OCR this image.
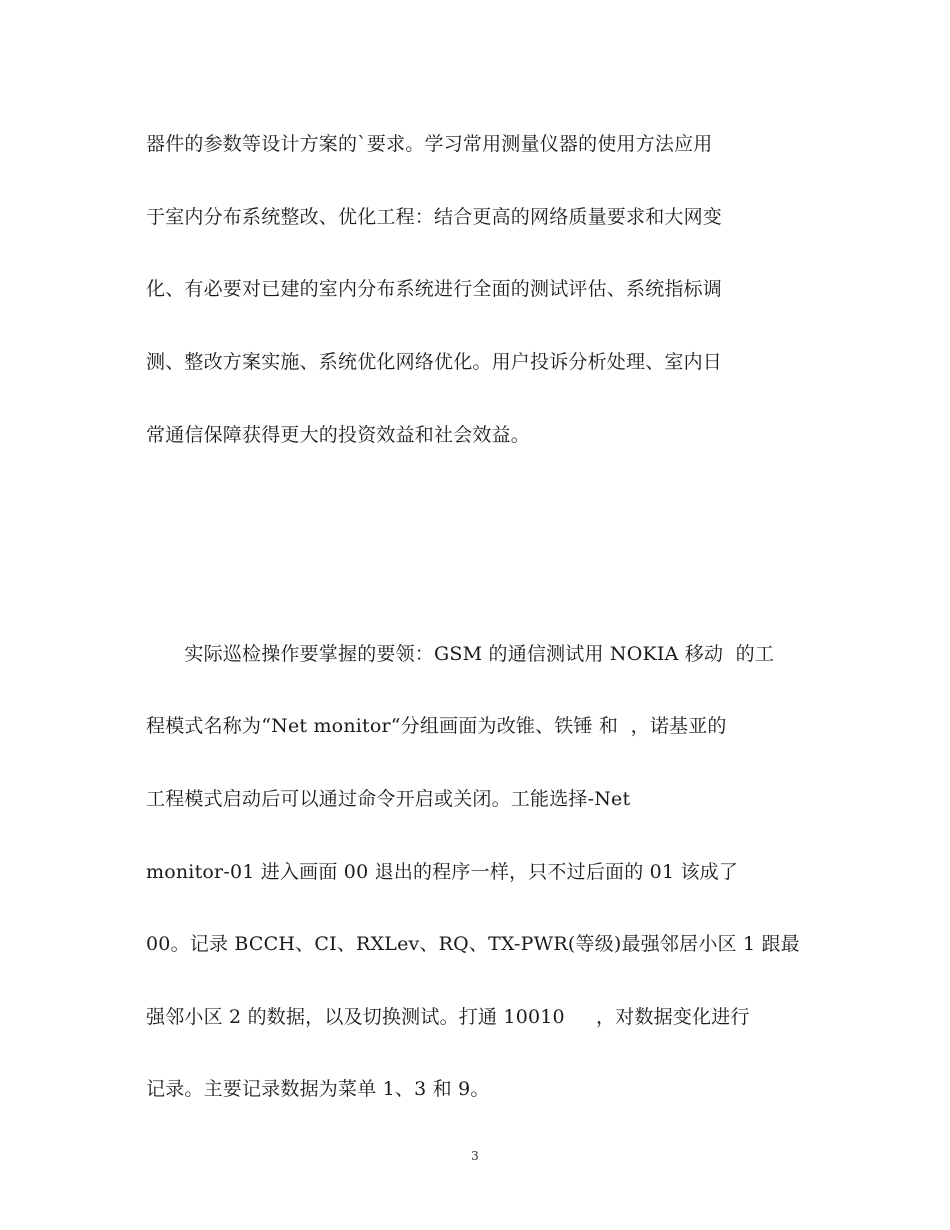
器件的参数等设计方案的`要求。学习常用测量仪器的使用方法应用
于室内分布系统整改、优化工程：结合更高的网络质量要求和大网变
化、有必要对已建的室内分布系统进行全面的测试评估、系统指标调
测、整改方案实施、系统优化网络优化。用户投诉分析处理、室内日
常通信保障获得更大的投资效益和社会效益。
　　实际巡检操作要掌握的要领：GSM 的通信测试用 NOKIA 移动  的工
程模式名称为“Net monitor“分组画面为改锥、铁锤 和  ，诺基亚的
工程模式启动后可以通过命令开启或关闭。工能选择-Net
monitor-01 进入画面 00 退出的程序一样，只不过后面的 01 该成了
00。记录 BCCH、CI、RXLev、RQ、TX-PWR(等级)最强邻居小区 1 跟最
强邻小区 2 的数据，以及切换测试。打通 10010     ，对数据变化进行
记录。主要记录数据为菜单 1、3 和 9。
3
